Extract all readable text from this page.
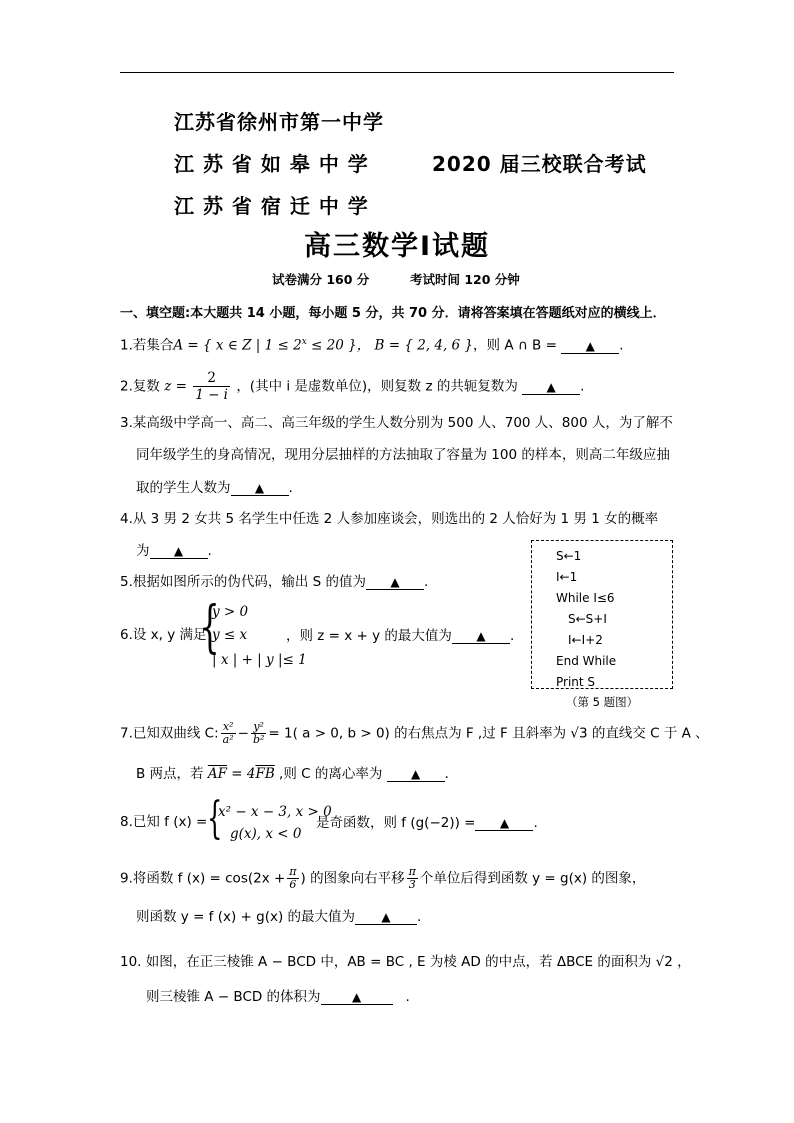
江苏省徐州市第一中学
江 苏 省 如 皋 中 学	2020 届三校联合考试
江 苏 省 宿 迁 中 学
高三数学Ⅰ试题
试卷满分 160 分	考试时间 120 分钟
一、填空题:本大题共 14 小题，每小题 5 分，共 70 分．请将答案填在答题纸对应的横线上．
1.若集合A = { x ∈ Z | $1 \le 2^x \le 20$ }， B = { 2, 4, 6 }，则 A ∩ B = ▲ .
2.复数 $z = \frac{2}{1 - i}$ ，(其中 i 是虚数单位)，则复数 z 的共轭复数为 ▲ .
3.某高级中学高一、高二、高三年级的学生人数分别为 500 人、700 人、800 人，为了解不
同年级学生的身高情况，现用分层抽样的方法抽取了容量为 100 的样本，则高二年级应抽
取的学生人数为 ▲ .
4.从 3 男 2 女共 5 名学生中任选 2 人参加座谈会，则选出的 2 人恰好为 1 男 1 女的概率
为 ▲ .
5.根据如图所示的伪代码，输出 S 的值为 ▲ .
S←1
I←1
While I≤6
S←S+I
I←I+2
End While
Print S
（第 5 题图）
6.设 x, y 满足
{
y > 0
y ≤ x
| x | + | y |≤ 1
，则 z = x + y 的最大值为 ▲ .
7.已知双曲线 C: $\frac{\text{x²}}{\text{a²}} - \frac{\text{y²}}{\text{b²}} = 1$( a > 0, b > 0) 的右焦点为 F ,过 F 且斜率为 √3 的直线交 C 于 A 、
B 两点，若 $\overline{AF} = 4\overline{FB}$ ,则 C 的离心率为 ▲ .
8.已知 f (x) = {
x² − x − 3, x > 0
g(x), x < 0
是奇函数，则 f (g(−2)) = ▲ .
9.将函数 f $(x) = \cos(2x + \frac{\pi}{6}$ ) 的图象向右平移 $\frac{\pi}{3}$ 个单位后得到函数 y = g(x) 的图象，
则函数 y = f (x) + g(x) 的最大值为 ▲ .
10. 如图，在正三棱锥 A − BCD 中，AB = BC , E 为棱 AD 的中点，若 ΔBCE 的面积为 √2 ，
则三棱锥 A − BCD 的体积为	▲	.
